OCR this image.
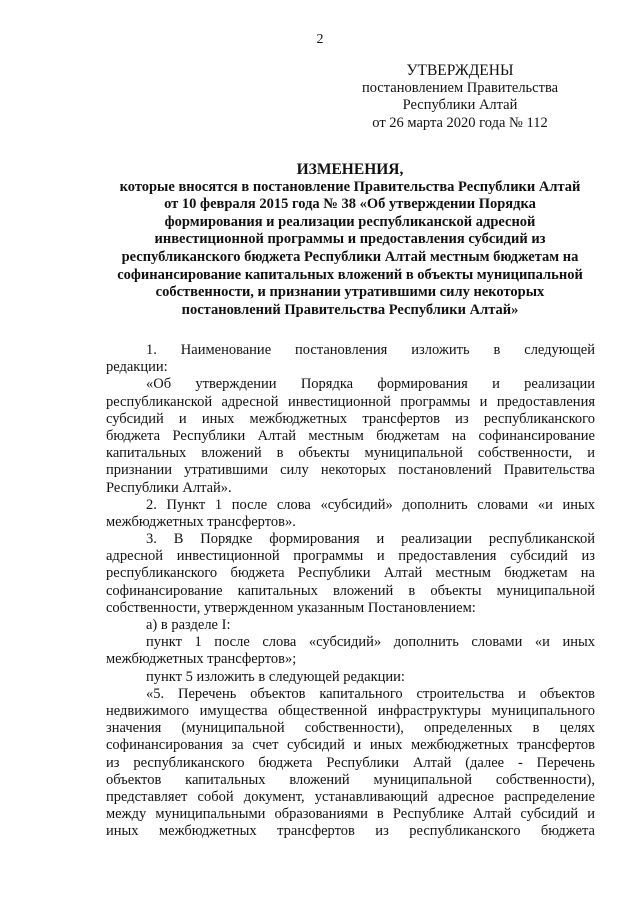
2
УТВЕРЖДЕНЫ
постановлением Правительства
Республики Алтай
от 26 марта 2020 года № 112
ИЗМЕНЕНИЯ,
которые вносятся в постановление Правительства Республики Алтай
от 10 февраля 2015 года № 38 «Об утверждении Порядка
формирования и реализации республиканской адресной
инвестиционной программы и предоставления субсидий из
республиканского бюджета Республики Алтай местным бюджетам на
софинансирование капитальных вложений в объекты муниципальной
собственности, и признании утратившими силу некоторых
постановлений Правительства Республики Алтай»
1. Наименование постановления изложить в следующей
редакции:
«Об утверждении Порядка формирования и реализации
республиканской адресной инвестиционной программы и предоставления
субсидий и иных межбюджетных трансфертов из республиканского
бюджета Республики Алтай местным бюджетам на софинансирование
капитальных вложений в объекты муниципальной собственности, и
признании утратившими силу некоторых постановлений Правительства
Республики Алтай».
2. Пункт 1 после слова «субсидий» дополнить словами «и иных
межбюджетных трансфертов».
3. В Порядке формирования и реализации республиканской
адресной инвестиционной программы и предоставления субсидий из
республиканского бюджета Республики Алтай местным бюджетам на
софинансирование капитальных вложений в объекты муниципальной
собственности, утвержденном указанным Постановлением:
а) в разделе I:
пункт 1 после слова «субсидий» дополнить словами «и иных
межбюджетных трансфертов»;
пункт 5 изложить в следующей редакции:
«5. Перечень объектов капитального строительства и объектов
недвижимого имущества общественной инфраструктуры муниципального
значения (муниципальной собственности), определенных в целях
софинансирования за счет субсидий и иных межбюджетных трансфертов
из республиканского бюджета Республики Алтай (далее - Перечень
объектов капитальных вложений муниципальной собственности),
представляет собой документ, устанавливающий адресное распределение
между муниципальными образованиями в Республике Алтай субсидий и
иных межбюджетных трансфертов из республиканского бюджета
